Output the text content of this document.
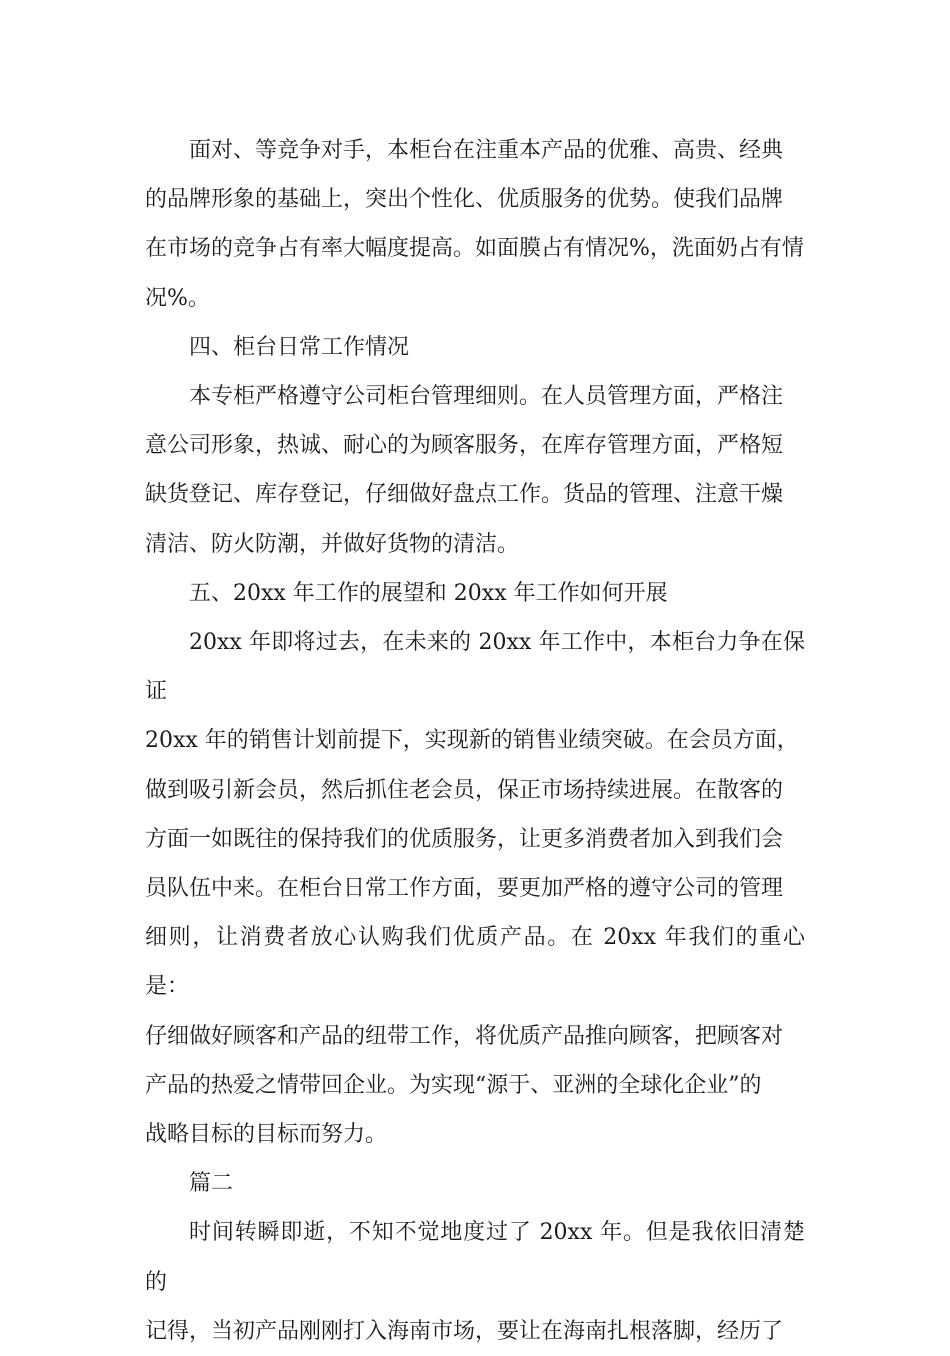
面对、等竞争对手，本柜台在注重本产品的优雅、高贵、经典
的品牌形象的基础上，突出个性化、优质服务的优势。使我们品牌
在市场的竞争占有率大幅度提高。如面膜占有情况%，洗面奶占有情
况%。

四、柜台日常工作情况

本专柜严格遵守公司柜台管理细则。在人员管理方面，严格注
意公司形象，热诚、耐心的为顾客服务，在库存管理方面，严格短
缺货登记、库存登记，仔细做好盘点工作。货品的管理、注意干燥
清洁、防火防潮，并做好货物的清洁。

五、20xx 年工作的展望和 20xx 年工作如何开展

20xx 年即将过去，在未来的 20xx 年工作中，本柜台力争在保证
20xx 年的销售计划前提下，实现新的销售业绩突破。在会员方面，
做到吸引新会员，然后抓住老会员，保正市场持续进展。在散客的
方面一如既往的保持我们的优质服务，让更多消费者加入到我们会
员队伍中来。在柜台日常工作方面，要更加严格的遵守公司的管理
细则，让消费者放心认购我们优质产品。在 20xx 年我们的重心是：
仔细做好顾客和产品的纽带工作，将优质产品推向顾客，把顾客对
产品的热爱之情带回企业。为实现“源于、亚洲的全球化企业”的
战略目标的目标而努力。

篇二

时间转瞬即逝，不知不觉地度过了 20xx 年。但是我依旧清楚的
记得，当初产品刚刚打入海南市场，要让在海南扎根落脚，经历了
